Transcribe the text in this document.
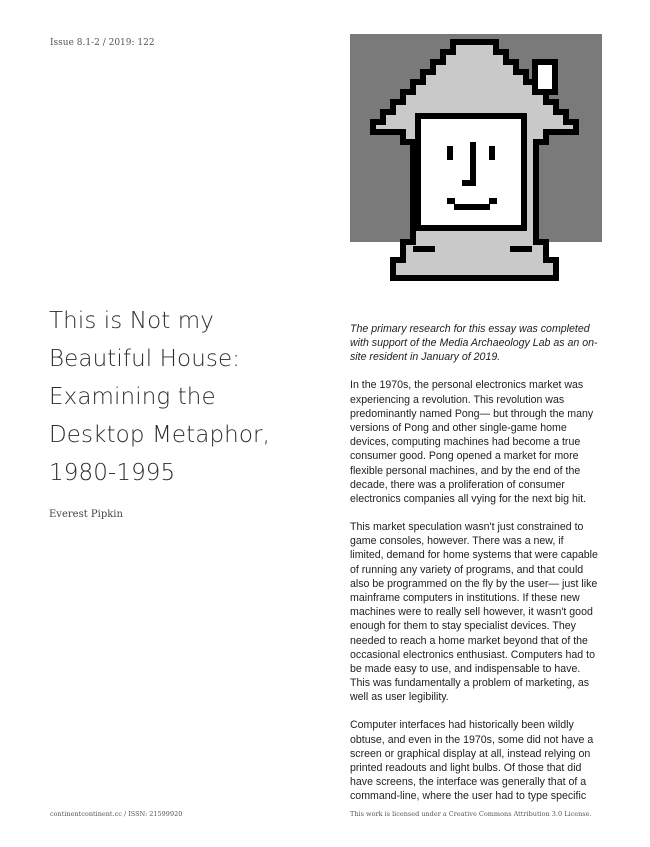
Issue 8.1-2 / 2019: 122
This is Not my
Beautiful House:
Examining the
Desktop Metaphor,
1980-1995
Everest Pipkin

The primary research for this essay was completed with support of the Media Archaeology Lab as an on-site resident in January of 2019.

In the 1970s, the personal electronics market was experiencing a revolution. This revolution was predominantly named Pong— but through the many versions of Pong and other single-game home devices, computing machines had become a true consumer good. Pong opened a market for more flexible personal machines, and by the end of the decade, there was a proliferation of consumer electronics companies all vying for the next big hit.

This market speculation wasn't just constrained to game consoles, however. There was a new, if limited, demand for home systems that were capable of running any variety of programs, and that could also be programmed on the fly by the user— just like mainframe computers in institutions. If these new machines were to really sell however, it wasn't good enough for them to stay specialist devices. They needed to reach a home market beyond that of the occasional electronics enthusiast. Computers had to be made easy to use, and indispensable to have. This was fundamentally a problem of marketing, as well as user legibility.

Computer interfaces had historically been wildly obtuse, and even in the 1970s, some did not have a screen or graphical display at all, instead relying on printed readouts and light bulbs. Of those that did have screens, the interface was generally that of a command-line, where the user had to type specific

continentcontinent.cc / ISSN: 21599920	This work is licensed under a Creative Commons Attribution 3.0 License.
